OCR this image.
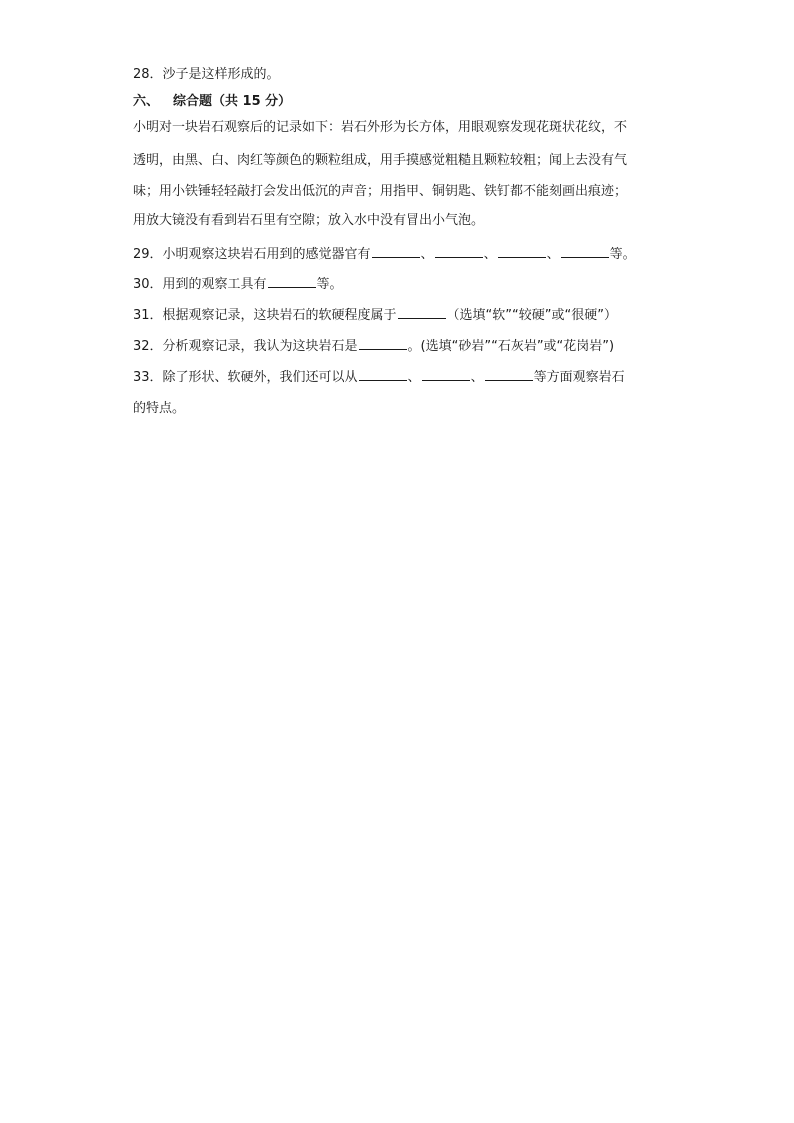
28．沙子是这样形成的。
六、 综合题（共 15 分）
小明对一块岩石观察后的记录如下：岩石外形为长方体，用眼观察发现花斑状花纹，不
透明，由黑、白、肉红等颜色的颗粒组成，用手摸感觉粗糙且颗粒较粗；闻上去没有气
味；用小铁锤轻轻敲打会发出低沉的声音；用指甲、铜钥匙、铁钉都不能刻画出痕迹；
用放大镜没有看到岩石里有空隙；放入水中没有冒出小气泡。
29．小明观察这块岩石用到的感觉器官有	、	、	、	等。
30．用到的观察工具有	等。
31．根据观察记录，这块岩石的软硬程度属于	（选填“软”“较硬”或“很硬”）
32．分析观察记录，我认为这块岩石是	。(选填“砂岩”“石灰岩”或“花岗岩”)
33．除了形状、软硬外，我们还可以从	、	、	等方面观察岩石
的特点。
